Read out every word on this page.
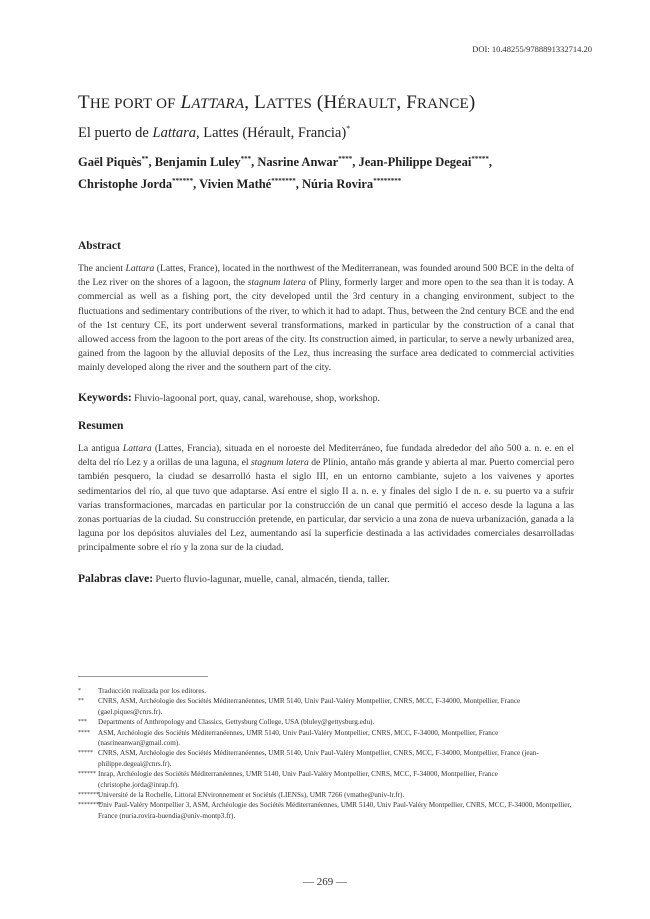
DOI: 10.48255/9788891332714.20
THE PORT OF LATTARA, LATTES (HÉRAULT, FRANCE)
El puerto de Lattara, Lattes (Hérault, Francia)*
Gaël Piquès**, Benjamin Luley***, Nasrine Anwar****, Jean-Philippe Degeai*****,
Christophe Jorda******, Vivien Mathé*******, Núria Rovira********
Abstract
The ancient Lattara (Lattes, France), located in the northwest of the Mediterranean, was founded around 500 BCE in the delta of the Lez river on the shores of a lagoon, the stagnum latera of Pliny, formerly larger and more open to the sea than it is today. A commercial as well as a fishing port, the city developed until the 3rd century in a changing environment, subject to the fluctuations and sedimentary contributions of the river, to which it had to adapt. Thus, between the 2nd century BCE and the end of the 1st century CE, its port underwent several transformations, marked in particular by the construction of a canal that allowed access from the lagoon to the port areas of the city. Its construction aimed, in particular, to serve a newly urbanized area, gained from the lagoon by the alluvial deposits of the Lez, thus increasing the surface area dedicated to commercial activities mainly developed along the river and the southern part of the city.
Keywords: Fluvio-lagoonal port, quay, canal, warehouse, shop, workshop.
Resumen
La antigua Lattara (Lattes, Francia), situada en el noroeste del Mediterráneo, fue fundada alrededor del año 500 a. n. e. en el delta del río Lez y a orillas de una laguna, el stagnum latera de Plinio, antaño más grande y abierta al mar. Puerto comercial pero también pesquero, la ciudad se desarrolló hasta el siglo III, en un entorno cambiante, sujeto a los vaivenes y aportes sedimentarios del río, al que tuvo que adaptarse. Así entre el siglo II a. n. e. y finales del siglo I de n. e. su puerto va a sufrir varias transformaciones, marcadas en particular por la construcción de un canal que permitió el acceso desde la laguna a las zonas portuarias de la ciudad. Su construcción pretende, en particular, dar servicio a una zona de nueva urbanización, ganada a la laguna por los depósitos aluviales del Lez, aumentando así la superficie destinada a las actividades comerciales desarrolladas principalmente sobre el río y la zona sur de la ciudad.
Palabras clave: Puerto fluvio-lagunar, muelle, canal, almacén, tienda, taller.
*	Traducción realizada por los editores.
**	CNRS, ASM, Archéologie des Sociétés Méditerranéennes, UMR 5140, Univ Paul-Valéry Montpellier, CNRS, MCC, F-34000, Montpellier, France (gael.piques@cnrs.fr).
***	Departments of Anthropology and Classics, Gettysburg College, USA (bluley@gettysburg.edu).
****	ASM, Archéologie des Sociétés Méditerranéennes, UMR 5140, Univ Paul-Valéry Montpellier, CNRS, MCC, F-34000, Montpellier, France (nasrineanwar@gmail.com).
***** CNRS, ASM, Archéologie des Sociétés Méditerranéennes, UMR 5140, Univ Paul-Valéry Montpellier, CNRS, MCC, F-34000, Montpellier, France (jean-philippe.degeai@cnrs.fr).
****** Inrap, Archéologie des Sociétés Méditerranéennes, UMR 5140, Univ Paul-Valéry Montpellier, CNRS, MCC, F-34000, Montpellier, France (christophe.jorda@inrap.fr).
******* Université de la Rochelle, Littoral ENvironnement et Sociétés (LIENSs), UMR 7266 (vmathe@univ-lr.fr).
********
Univ Paul-Valéry Montpellier 3, ASM, Archéologie des Sociétés Méditerranéennes, UMR 5140, Univ Paul-Valéry Montpellier, CNRS, MCC, F-34000, Montpellier, France (nuria.rovira-buendia@univ-montp3.fr).
— 269 —
